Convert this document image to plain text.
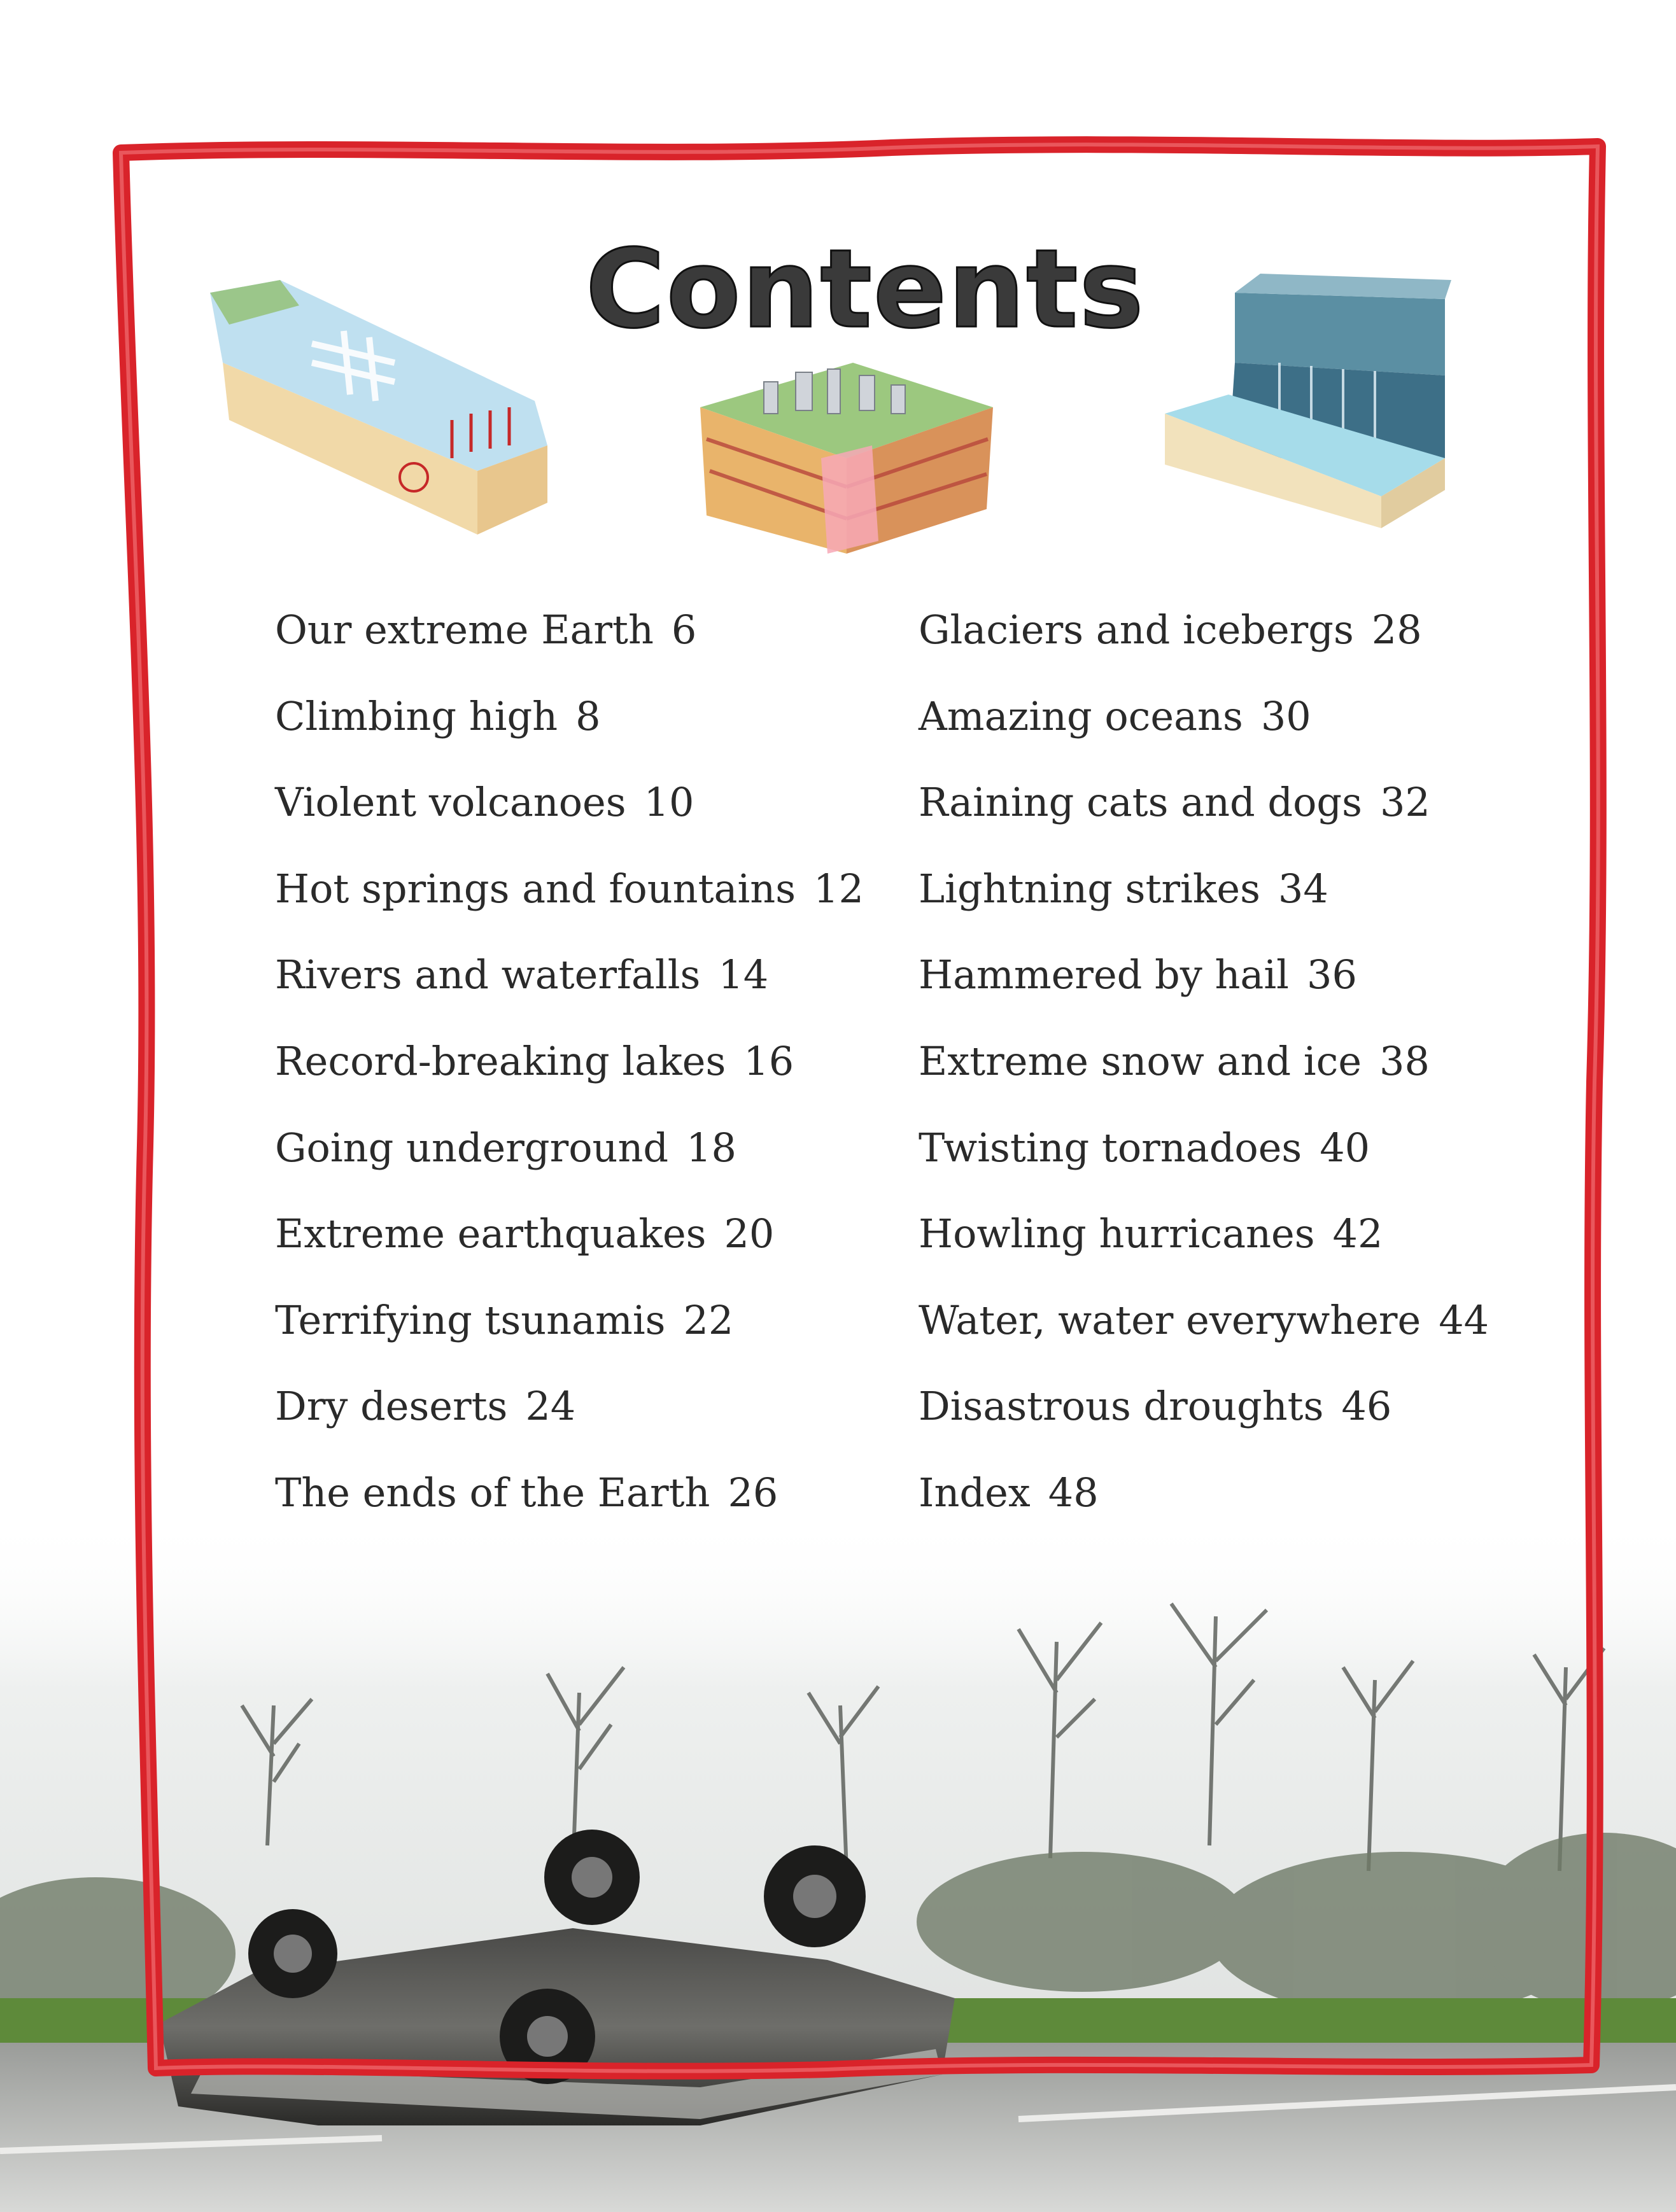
Contents
Our extreme Earth 6
Climbing high 8
Violent volcanoes 10
Hot springs and fountains 12
Rivers and waterfalls 14
Record-breaking lakes 16
Going underground 18
Extreme earthquakes 20
Terrifying tsunamis 22
Dry deserts 24
The ends of the Earth 26
Glaciers and icebergs 28
Amazing oceans 30
Raining cats and dogs 32
Lightning strikes 34
Hammered by hail 36
Extreme snow and ice 38
Twisting tornadoes 40
Howling hurricanes 42
Water, water everywhere 44
Disastrous droughts 46
Index 48
